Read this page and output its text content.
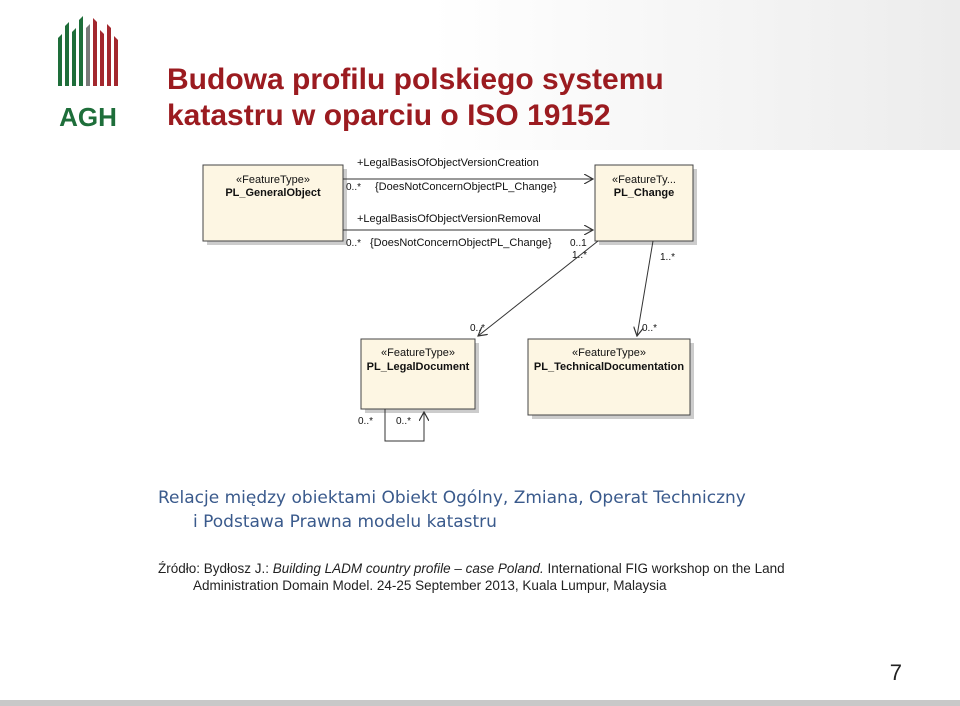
AGH
Budowa profilu polskiego systemu
katastru w oparciu o ISO 19152
«FeatureType»
PL_GeneralObject
«FeatureTy...
PL_Change
«FeatureType»
PL_LegalDocument
«FeatureType»
PL_TechnicalDocumentation
+LegalBasisOfObjectVersionCreation
0..* {DoesNotConcernObjectPL_Change}
+LegalBasisOfObjectVersionRemoval
0..* {DoesNotConcernObjectPL_Change} 0..1
1..*
0..*
1..*
0..*
0..* 0..*
Relacje między obiektami Obiekt Ogólny, Zmiana, Operat Techniczny
i Podstawa Prawna modelu katastru
Źródło: Bydłosz J.: Building LADM country profile – case Poland. International FIG workshop on the Land
Administration Domain Model. 24-25 September 2013, Kuala Lumpur, Malaysia
7
